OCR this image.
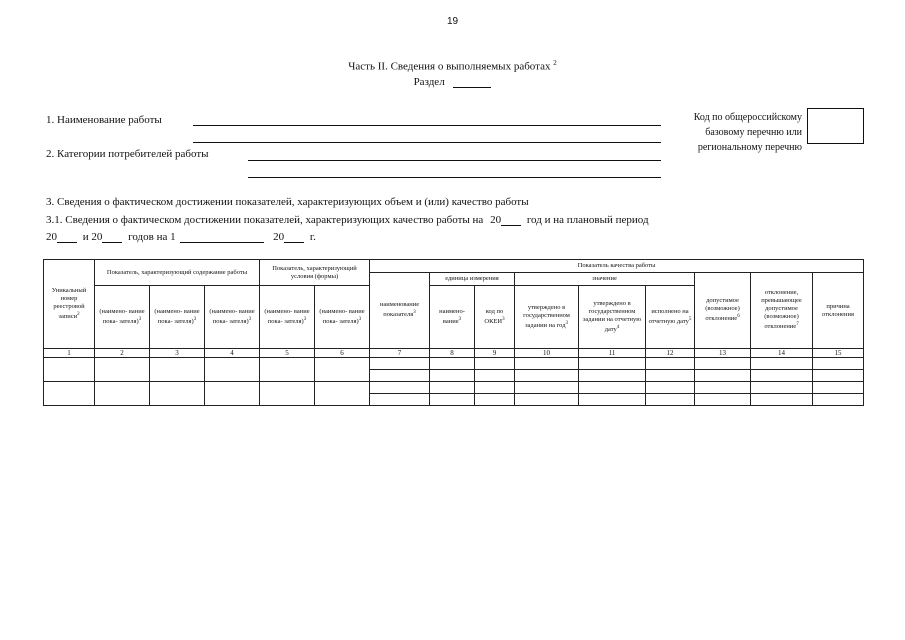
19
Часть II. Сведения о выполняемых работах $^2$
Раздел
1. Наименование работы
2. Категории потребителей работы
Код по общероссийскому
базовому перечню или
региональному перечню
3. Сведения о фактическом достижении показателей, характеризующих объем и (или) качество работы
3.1. Сведения о фактическом достижении показателей, характеризующих качество работы на 20 год и на плановый период
20 и 20 годов на 1	20 г.
Уникальный номер реестровой записи$^2$	Показатель, характеризующий содержание работы			Показатель, характеризующий условия (формы)		Показатель качества работы								
						наименование показателя$^3$	единица измерения		значение			допустимое (возможное) отклонение$^6$	отклонение, превышающее допустимое (возможное) отклонение$^7$	причина отклонения
	(наимено- вание пока- зателя)$^3$	(наимено- вание пока- зателя)$^3$	(наимено- вание пока- зателя)$^3$	(наимено- вание пока- зателя)$^3$	(наимено- вание пока- зателя)$^3$		наимено- вание$^3$	код по ОКЕИ$^3$	утверждено в государственном задании на год$^3$	утверждено в государственном задании на отчетную дату$^4$	исполнено на отчетную дату$^5$
1	2	3	4	5	6	7	8	9	10	11	12	13	14	15
